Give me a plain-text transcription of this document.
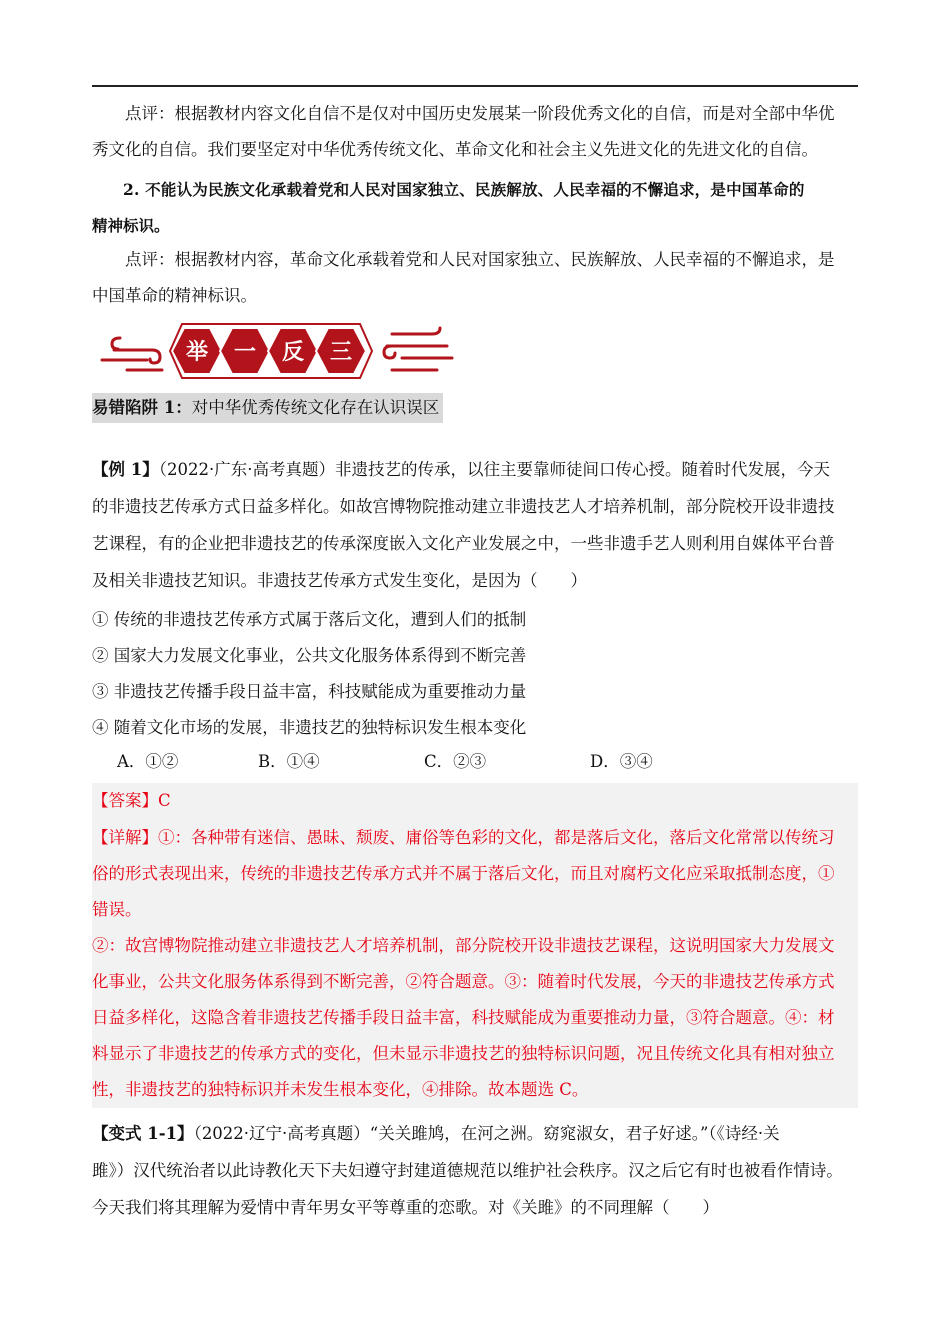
点评：根据教材内容文化自信不是仅对中国历史发展某一阶段优秀文化的自信，而是对全部中华优

秀文化的自信。我们要坚定对中华优秀传统文化、革命文化和社会主义先进文化的先进文化的自信。

2. 不能认为民族文化承载着党和人民对国家独立、民族解放、人民幸福的不懈追求，是中国革命的

精神标识。

点评：根据教材内容，革命文化承载着党和人民对国家独立、民族解放、人民幸福的不懈追求，是

中国革命的精神标识。

举 一 反 三
易错陷阱 1：对中华优秀传统文化存在认识误区

【例 1】（2022·广东·高考真题）非遗技艺的传承，以往主要靠师徒间口传心授。随着时代发展，今天

的非遗技艺传承方式日益多样化。如故宫博物院推动建立非遗技艺人才培养机制，部分院校开设非遗技

艺课程，有的企业把非遗技艺的传承深度嵌入文化产业发展之中，一些非遗手艺人则利用自媒体平台普

及相关非遗技艺知识。非遗技艺传承方式发生变化，是因为（　　）

① 传统的非遗技艺传承方式属于落后文化，遭到人们的抵制

② 国家大力发展文化事业，公共文化服务体系得到不断完善

③ 非遗技艺传播手段日益丰富，科技赋能成为重要推动力量

④ 随着文化市场的发展，非遗技艺的独特标识发生根本变化

A．①②	B．①④	C．②③	D．③④

【答案】C

【详解】①：各种带有迷信、愚昧、颓废、庸俗等色彩的文化，都是落后文化，落后文化常常以传统习

俗的形式表现出来，传统的非遗技艺传承方式并不属于落后文化，而且对腐朽文化应采取抵制态度，①

错误。

②：故宫博物院推动建立非遗技艺人才培养机制，部分院校开设非遗技艺课程，这说明国家大力发展文

化事业，公共文化服务体系得到不断完善，②符合题意。③：随着时代发展，今天的非遗技艺传承方式

日益多样化，这隐含着非遗技艺传播手段日益丰富，科技赋能成为重要推动力量，③符合题意。④：材

料显示了非遗技艺的传承方式的变化，但未显示非遗技艺的独特标识问题，况且传统文化具有相对独立

性，非遗技艺的独特标识并未发生根本变化，④排除。故本题选 C。

【变式 1-1】（2022·辽宁·高考真题）“关关雎鸠，在河之洲。窈窕淑女，君子好逑。”（《诗经·关

雎》）汉代统治者以此诗教化天下夫妇遵守封建道德规范以维护社会秩序。汉之后它有时也被看作情诗。

今天我们将其理解为爱情中青年男女平等尊重的恋歌。对《关雎》的不同理解（　　）
